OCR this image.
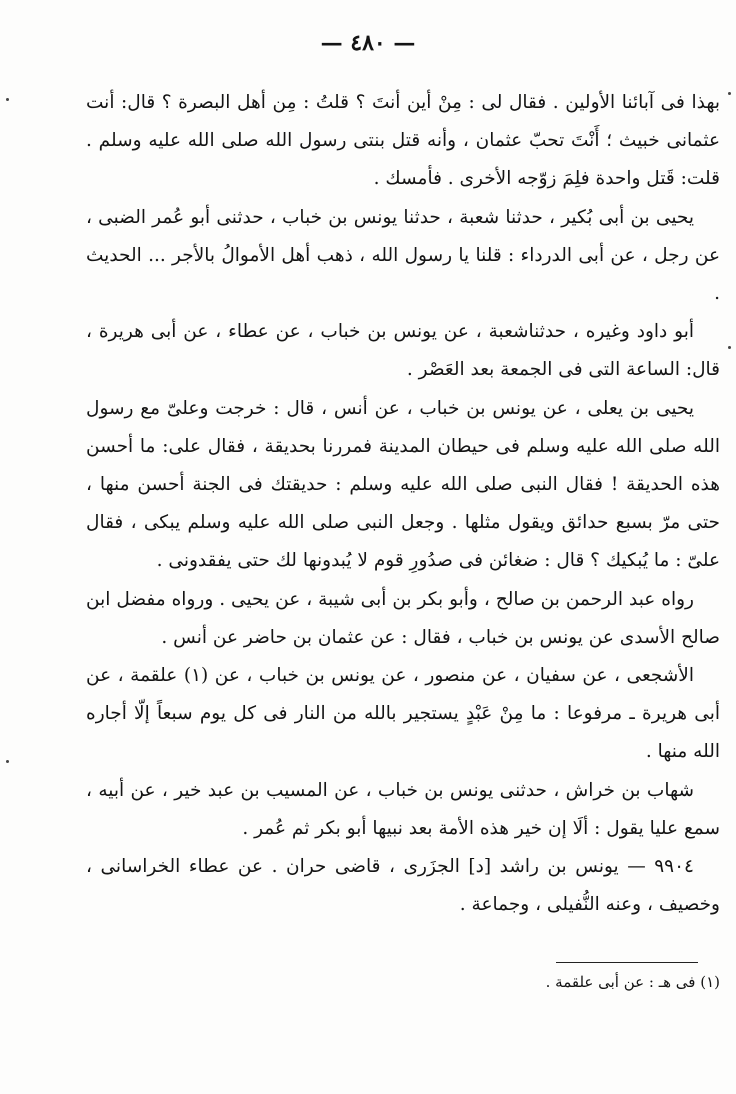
— ٤٨٠ —

بهذا فى آبائنا الأولين . فقال لى : مِنْ أين أنتَ ؟ قلتُ : مِن أهل البصرة ؟ قال: أنت عثمانى خبيث ؛ أَنْتَ تحبّ عثمان ، وأنه قتل بنتى رسول الله صلى الله عليه وسلم . قلت: قَتل واحدة فلِمَ زوّجه الأخرى . فأمسك .

يحيى بن أبى بُكير ، حدثنا شعبة ، حدثنا يونس بن خباب ، حدثنى أبو عُمر الضبى ، عن رجل ، عن أبى الدرداء : قلنا يا رسول الله ، ذهب أهل الأموالُ بالأجر ... الحديث .

أبو داود وغيره ، حدثناشعبة ، عن يونس بن خباب ، عن عطاء ، عن أبى هريرة ، قال: الساعة التى فى الجمعة بعد العَصْر .

يحيى بن يعلى ، عن يونس بن خباب ، عن أنس ، قال : خرجت وعلىّ مع رسول الله صلى الله عليه وسلم فى حيطان المدينة فمررنا بحديقة ، فقال على: ما أحسن هذه الحديقة ! فقال النبى صلى الله عليه وسلم : حديقتك فى الجنة أحسن منها ، حتى مرّ بسبع حدائق ويقول مثلها . وجعل النبى صلى الله عليه وسلم يبكى ، فقال علىّ : ما يُبكيك ؟ قال : ضغائن فى صدُورِ قوم لا يُبدونها لك حتى يفقدونى .

رواه عبد الرحمن بن صالح ، وأبو بكر بن أبى شيبة ، عن يحيى . ورواه مفضل ابن صالح الأسدى عن يونس بن خباب ، فقال : عن عثمان بن حاضر عن أنس .

الأشجعى ، عن سفيان ، عن منصور ، عن يونس بن خباب ، عن (١) علقمة ، عن أبى هريرة ـ مرفوعا : ما مِنْ عَبْدٍ يستجير بالله من النار فى كل يوم سبعاً إلّا أجاره الله منها .

شهاب بن خراش ، حدثنى يونس بن خباب ، عن المسيب بن عبد خير ، عن أبيه ، سمع عليا يقول : ألَا إن خير هذه الأمة بعد نبيها أبو بكر ثم عُمر .

٩٩٠٤ — يونس بن راشد [د] الجزَرى ، قاضى حران . عن عطاء الخراسانى ، وخصيف ، وعنه النُّفيلى ، وجماعة .

(١) فى هـ : عن أبى علقمة .
